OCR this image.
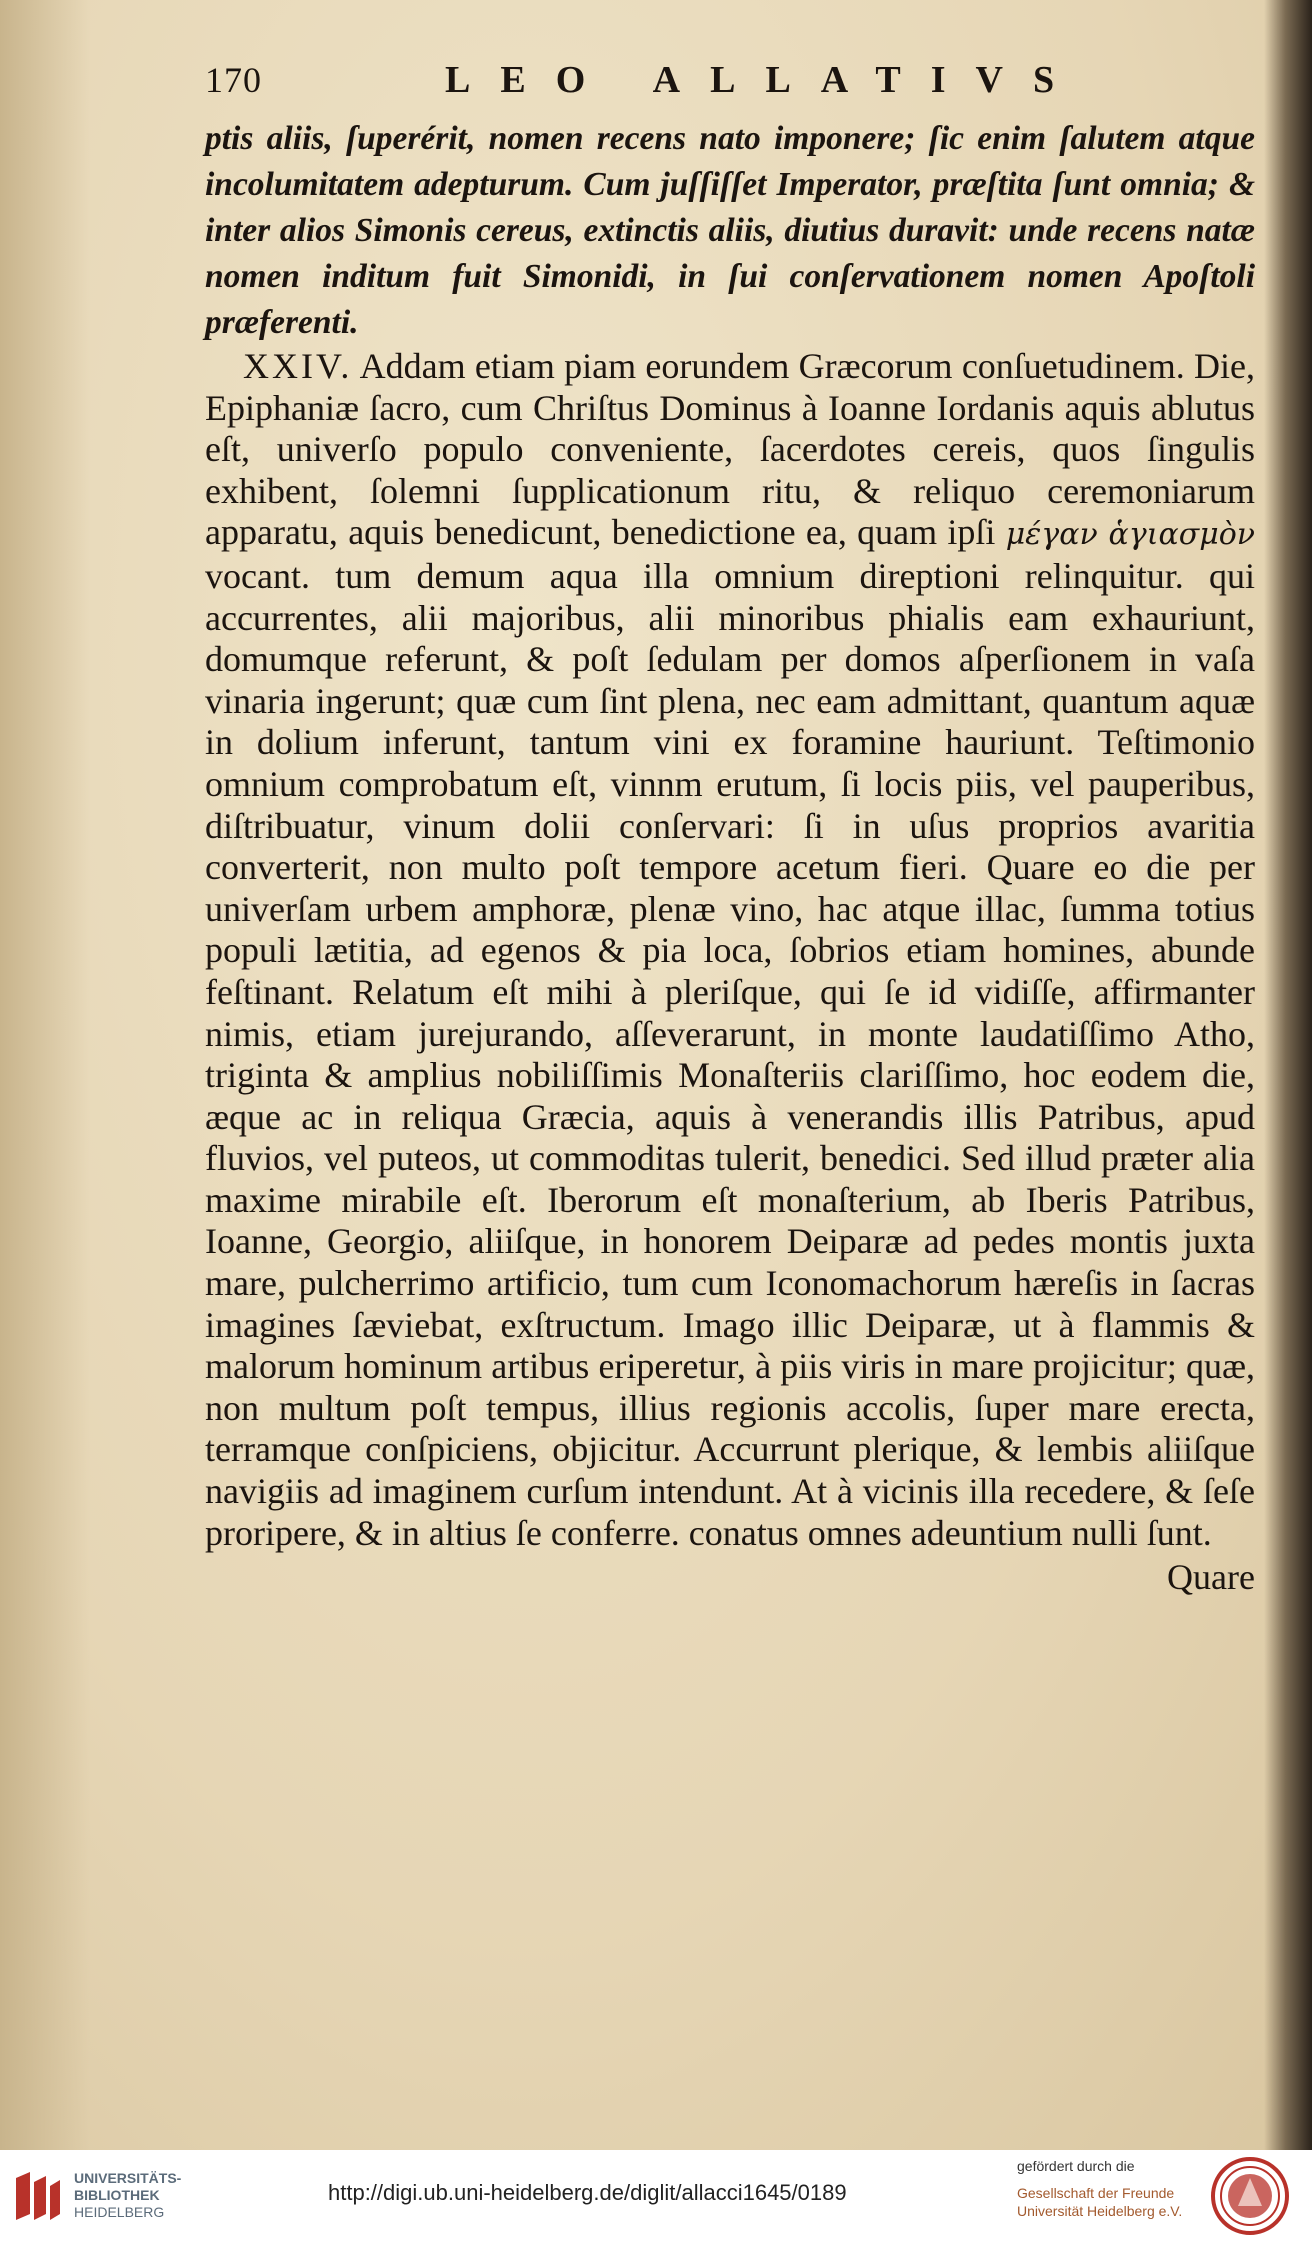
170	LEO ALLATIVS

ptis aliis, ſuperérit, nomen recens nato imponere; ſic enim ſalutem atque incolumitatem adepturum. Cum juſſiſſet Imperator, præſtita ſunt omnia; & inter alios Simonis cereus, extinctis aliis, diutius duravit: unde recens natæ nomen inditum fuit Simonidi, in ſui conſervationem nomen Apoſtoli præferenti.

XXIV. Addam etiam piam eorundem Græcorum conſuetudinem. Die, Epiphaniæ ſacro, cum Chriſtus Dominus à Ioanne Iordanis aquis ablutus eſt, univerſo populo conveniente, ſacerdotes cereis, quos ſingulis exhibent, ſolemni ſupplicationum ritu, & reliquo ceremoniarum apparatu, aquis benedicunt, benedictione ea, quam ipſi μέγαν ἁγιασμὸν vocant. tum demum aqua illa omnium direptioni relinquitur. qui accurrentes, alii majoribus, alii minoribus phialis eam exhauriunt, domumque referunt, & poſt ſedulam per domos aſperſionem in vaſa vinaria ingerunt; quæ cum ſint plena, nec eam admittant, quantum aquæ in dolium inferunt, tantum vini ex foramine hauriunt. Teſtimonio omnium comprobatum eſt, vinnm erutum, ſi locis piis, vel pauperibus, diſtribuatur, vinum dolii conſervari: ſi in uſus proprios avaritia converterit, non multo poſt tempore acetum fieri. Quare eo die per univerſam urbem amphoræ, plenæ vino, hac atque illac, ſumma totius populi lætitia, ad egenos & pia loca, ſobrios etiam homines, abunde feſtinant. Relatum eſt mihi à pleriſque, qui ſe id vidiſſe, affirmanter nimis, etiam jurejurando, aſſeverarunt, in monte laudatiſſimo Atho, triginta & amplius nobiliſſimis Monaſteriis clariſſimo, hoc eodem die, æque ac in reliqua Græcia, aquis à venerandis illis Patribus, apud fluvios, vel puteos, ut commoditas tulerit, benedici. Sed illud præter alia maxime mirabile eſt. Iberorum eſt monaſterium, ab Iberis Patribus, Ioanne, Georgio, aliiſque, in honorem Deiparæ ad pedes montis juxta mare, pulcherrimo artificio, tum cum Iconomachorum hæreſis in ſacras imagines ſæviebat, exſtructum. Imago illic Deiparæ, ut à flammis & malorum hominum artibus eriperetur, à piis viris in mare projicitur; quæ, non multum poſt tempus, illius regionis accolis, ſuper mare erecta, terramque conſpiciens, objicitur. Accurrunt plerique, & lembis aliiſque navigiis ad imaginem curſum intendunt. At à vicinis illa recedere, & ſeſe proripere, & in altius ſe conferre. conatus omnes adeuntium nulli ſunt.

Quare
UNIVERSITÄTS-
BIBLIOTHEK
HEIDELBERG
http://digi.ub.uni-heidelberg.de/diglit/allacci1645/0189
gefördert durch die
Gesellschaft der Freunde
Universität Heidelberg e.V.
